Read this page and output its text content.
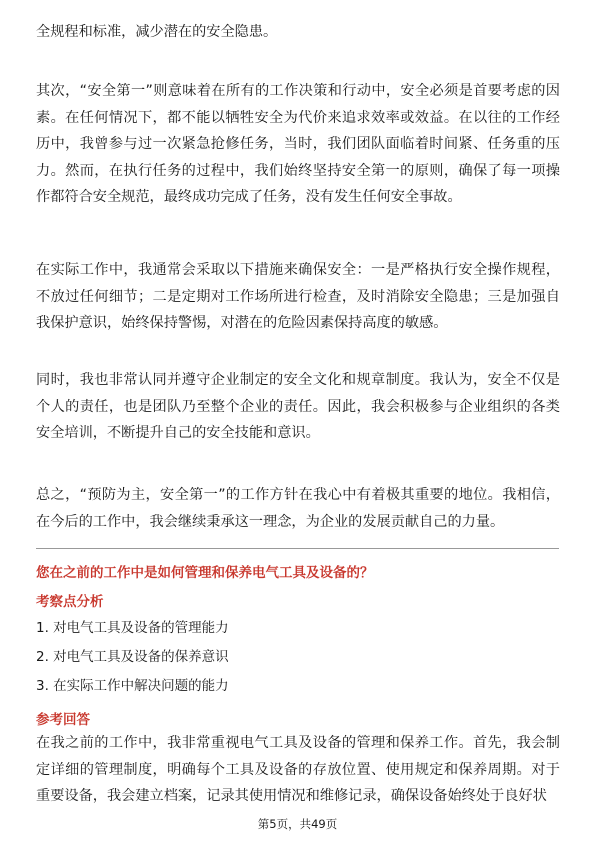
全规程和标准，减少潜在的安全隐患。

其次，“安全第一”则意味着在所有的工作决策和行动中，安全必须是首要考虑的因素。在任何情况下，都不能以牺牲安全为代价来追求效率或效益。在以往的工作经历中，我曾参与过一次紧急抢修任务，当时，我们团队面临着时间紧、任务重的压力。然而，在执行任务的过程中，我们始终坚持安全第一的原则，确保了每一项操作都符合安全规范，最终成功完成了任务，没有发生任何安全事故。

在实际工作中，我通常会采取以下措施来确保安全：一是严格执行安全操作规程，不放过任何细节；二是定期对工作场所进行检查，及时消除安全隐患；三是加强自我保护意识，始终保持警惕，对潜在的危险因素保持高度的敏感。

同时，我也非常认同并遵守企业制定的安全文化和规章制度。我认为，安全不仅是个人的责任，也是团队乃至整个企业的责任。因此，我会积极参与企业组织的各类安全培训，不断提升自己的安全技能和意识。

总之，“预防为主，安全第一”的工作方针在我心中有着极其重要的地位。我相信，在今后的工作中，我会继续秉承这一理念，为企业的发展贡献自己的力量。

您在之前的工作中是如何管理和保养电气工具及设备的？

考察点分析

1. 对电气工具及设备的管理能力

2. 对电气工具及设备的保养意识

3. 在实际工作中解决问题的能力

参考回答

在我之前的工作中，我非常重视电气工具及设备的管理和保养工作。首先，我会制定详细的管理制度，明确每个工具及设备的存放位置、使用规定和保养周期。对于重要设备，我会建立档案，记录其使用情况和维修记录，确保设备始终处于良好状

第5页，共49页
